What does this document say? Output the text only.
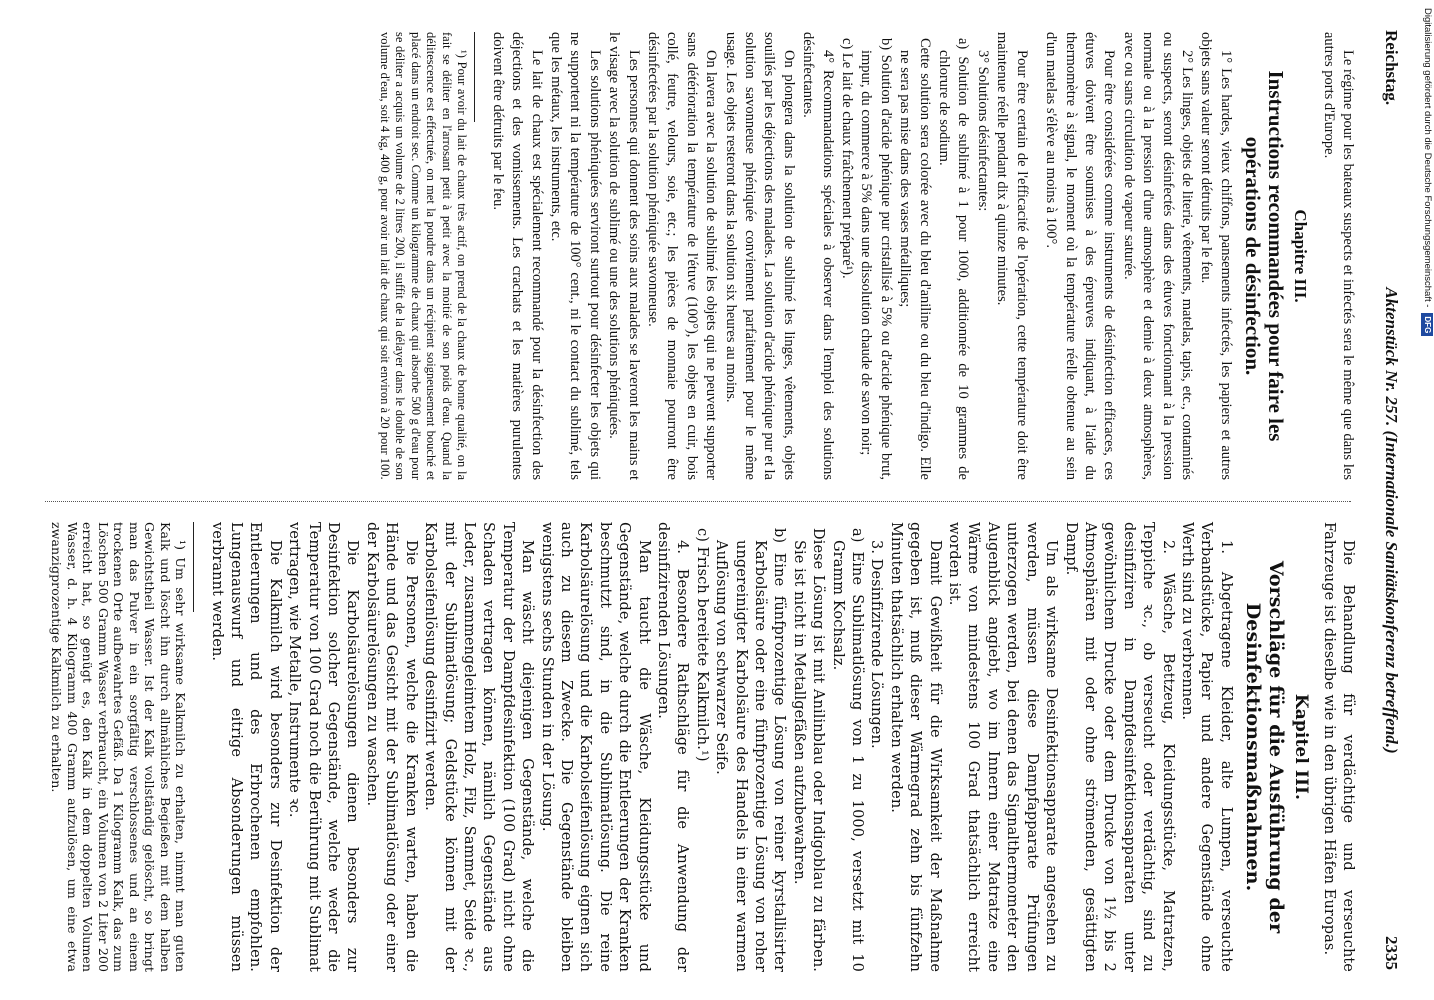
Reichstag.
Aktenstück Nr. 257. (Internationale Sanitätskonferenz betreffend.)
2335

Le régime pour les bateaux suspects et infectés sera le même que dans les autres ports d'Europe.

Chapitre III.
Instructions recommandées pour faire les opérations de désinfection.

1° Les hardes, vieux chiffons, pansements infectés, les papiers et autres objets sans valeur seront détruits par le feu.

2° Les linges, objets de literie, vêtements, matelas, tapis, etc., contaminés ou suspects, seront désinfectés dans des étuves fonctionnant à la pression normale ou à la pression d'une atmosphère et demie à deux atmosphères, avec ou sans circulation de vapeur saturée.

Pour être considérées comme instruments de désinfection efficaces, ces étuves doivent être soumises à des épreuves indiquant, à l'aide du thermomètre à signal, le moment où la température réelle obtenue au sein d'un matelas s'élève au moins à 100°.

Pour être certain de l'efficacité de l'opération, cette température doit être maintenue réelle pendant dix à quinze minutes.

3° Solutions désinfectantes:

a) Solution de sublimé à 1 pour 1000, additionnée de 10 grammes de chlorure de sodium.

Cette solution sera colorée avec du bleu d'aniline ou du bleu d'indigo. Elle ne sera pas mise dans des vases métalliques;

b) Solution d'acide phénique pur cristallisé à 5% ou d'acide phénique brut, impur, du commerce à 5% dans une dissolution chaude de savon noir;

c) Le lait de chaux fraîchement préparé¹).

4° Recommandations spéciales à observer dans l'emploi des solutions désinfectantes.

On plongera dans la solution de sublimé les linges, vêtements, objets souillés par les déjections des malades. La solution d'acide phénique pur et la solution savonneuse phéniquée conviennent parfaitement pour le même usage. Les objets resteront dans la solution six heures au moins.

On lavera avec la solution de sublimé les objets qui ne peuvent supporter sans détérioration la température de l'étuve (100°), les objets en cuir, bois collé, feutre, velours, soie, etc.; les pièces de monnaie pourront être désinfectées par la solution phéniquée savonneuse.

Les personnes qui donnent des soins aux malades se laveront les mains et le visage avec la solution de sublimé ou une des solutions phéniquées.

Les solutions phéniquées serviront surtout pour désinfecter les objets qui ne supportent ni la température de 100° cent., ni le contact du sublimé, tels que les métaux, les instruments, etc.

Le lait de chaux est spécialement recommandé pour la désinfection des déjections et des vomissements. Les crachats et les matières purulentes doivent être détruits par le feu.

¹) Pour avoir du lait de chaux très actif, on prend de la chaux de bonne qualité, on la fait se déliter en l'arrosant petit à petit avec la moitié de son poids d'eau. Quand la délitescence est effectuée, on met la poudre dans un récipient soigneusement bouché et placé dans un endroit sec. Comme un kilogramme de chaux qui absorbe 500 g d'eau pour se déliter a acquis un volume de 2 litres 200, il suffit de la délayer dans le double de son volume d'eau, soit 4 kg, 400 g, pour avoir un lait de chaux qui soit environ à 20 pour 100.

Die Behandlung für verdächtige und verseuchte Fahrzeuge ist dieselbe wie in den übrigen Häfen Europas.

Kapitel III.
Vorschläge für die Ausführung der Desinfektionsmaßnahmen.

1. Abgetragene Kleider, alte Lumpen, verseuchte Verbandstücke, Papier und andere Gegenstände ohne Werth sind zu verbrennen.

2. Wäsche, Bettzeug, Kleidungsstücke, Matratzen, Teppiche ꝛc., ob verseucht oder verdächtig, sind zu desinfiziren in Dampfdesinfektionsapparaten unter gewöhnlichem Drucke oder dem Drucke von 1½ bis 2 Atmosphären mit oder ohne strömenden, gesättigten Dampf.

Um als wirksame Desinfektionsapparate angesehen zu werden, müssen diese Dampfapparate Prüfungen unterzogen werden, bei denen das Signalthermometer den Augenblick angiebt, wo im Innern einer Matratze eine Wärme von mindestens 100 Grad thatsächlich erreicht worden ist.

Damit Gewißheit für die Wirksamkeit der Maßnahme gegeben ist, muß dieser Wärmegrad zehn bis fünfzehn Minuten thatsächlich erhalten werden.

3. Desinfizirende Lösungen.

a) Eine Sublimatlösung von 1 zu 1000, versetzt mit 10 Gramm Kochsalz.

Diese Lösung ist mit Anilinblau oder Indigoblau zu färben. Sie ist nicht in Metallgefäßen aufzubewahren.

b) Eine fünfprozentige Lösung von reiner kyrstallisirter Karbolsäure oder eine fünfprozentige Lösung von roher ungereinigter Karbolsäure des Handels in einer warmen Auflösung von schwarzer Seife.

c) Frisch bereitete Kalkmilch.¹)

4. Besondere Rathschläge für die Anwendung der desinfizirenden Lösungen.

Man taucht die Wäsche, Kleidungsstücke und Gegenstände, welche durch die Entleerungen der Kranken beschmutzt sind, in die Sublimatlösung. Die reine Karbolsäurelösung und die Karbolseifenlösung eignen sich auch zu diesem Zwecke. Die Gegenstände bleiben wenigstens sechs Stunden in der Lösung.

Man wäscht diejenigen Gegenstände, welche die Temperatur der Dampfdesinfektion (100 Grad) nicht ohne Schaden vertragen können, nämlich Gegenstände aus Leder, zusammengeleimtem Holz, Filz, Sammet, Seide ꝛc., mit der Sublimatlösung; Geldstücke können mit der Karbolseifenlösung desinfizirt werden.

Die Personen, welche die Kranken warten, haben die Hände und das Gesicht mit der Sublimatlösung oder einer der Karbolsäurelösungen zu waschen.

Die Karbolsäurelösungen dienen besonders zur Desinfektion solcher Gegenstände, welche weder die Temperatur von 100 Grad noch die Berührung mit Sublimat vertragen, wie Metalle, Instrumente ꝛc.

Die Kalkmilch wird besonders zur Desinfektion der Entleerungen und des Erbrochenen empfohlen. Lungenauswurf und eitrige Absonderungen müssen verbrannt werden.

¹) Um sehr wirksame Kalkmilch zu erhalten, nimmt man guten Kalk und löscht ihn durch allmähliches Begießen mit dem halben Gewichtstheil Wasser. Ist der Kalk vollständig gelöscht, so bringt man das Pulver in ein sorgfältig verschlossenes und an einem trockenen Orte aufbewahrtes Gefäß. Da 1 Kilogramm Kalk, das zum Löschen 500 Gramm Wasser verbraucht, ein Volumen von 2 Liter 200 erreicht hat, so genügt es, den Kalk in dem doppelten Volumen Wasser, d. h. 4 Kilogramm 400 Gramm aufzulösen, um eine etwa zwanzigprozentige Kalkmilch zu erhalten.

Digitalisierung gefördert durch die Deutsche Forschungsgemeinschaft -
DFG
